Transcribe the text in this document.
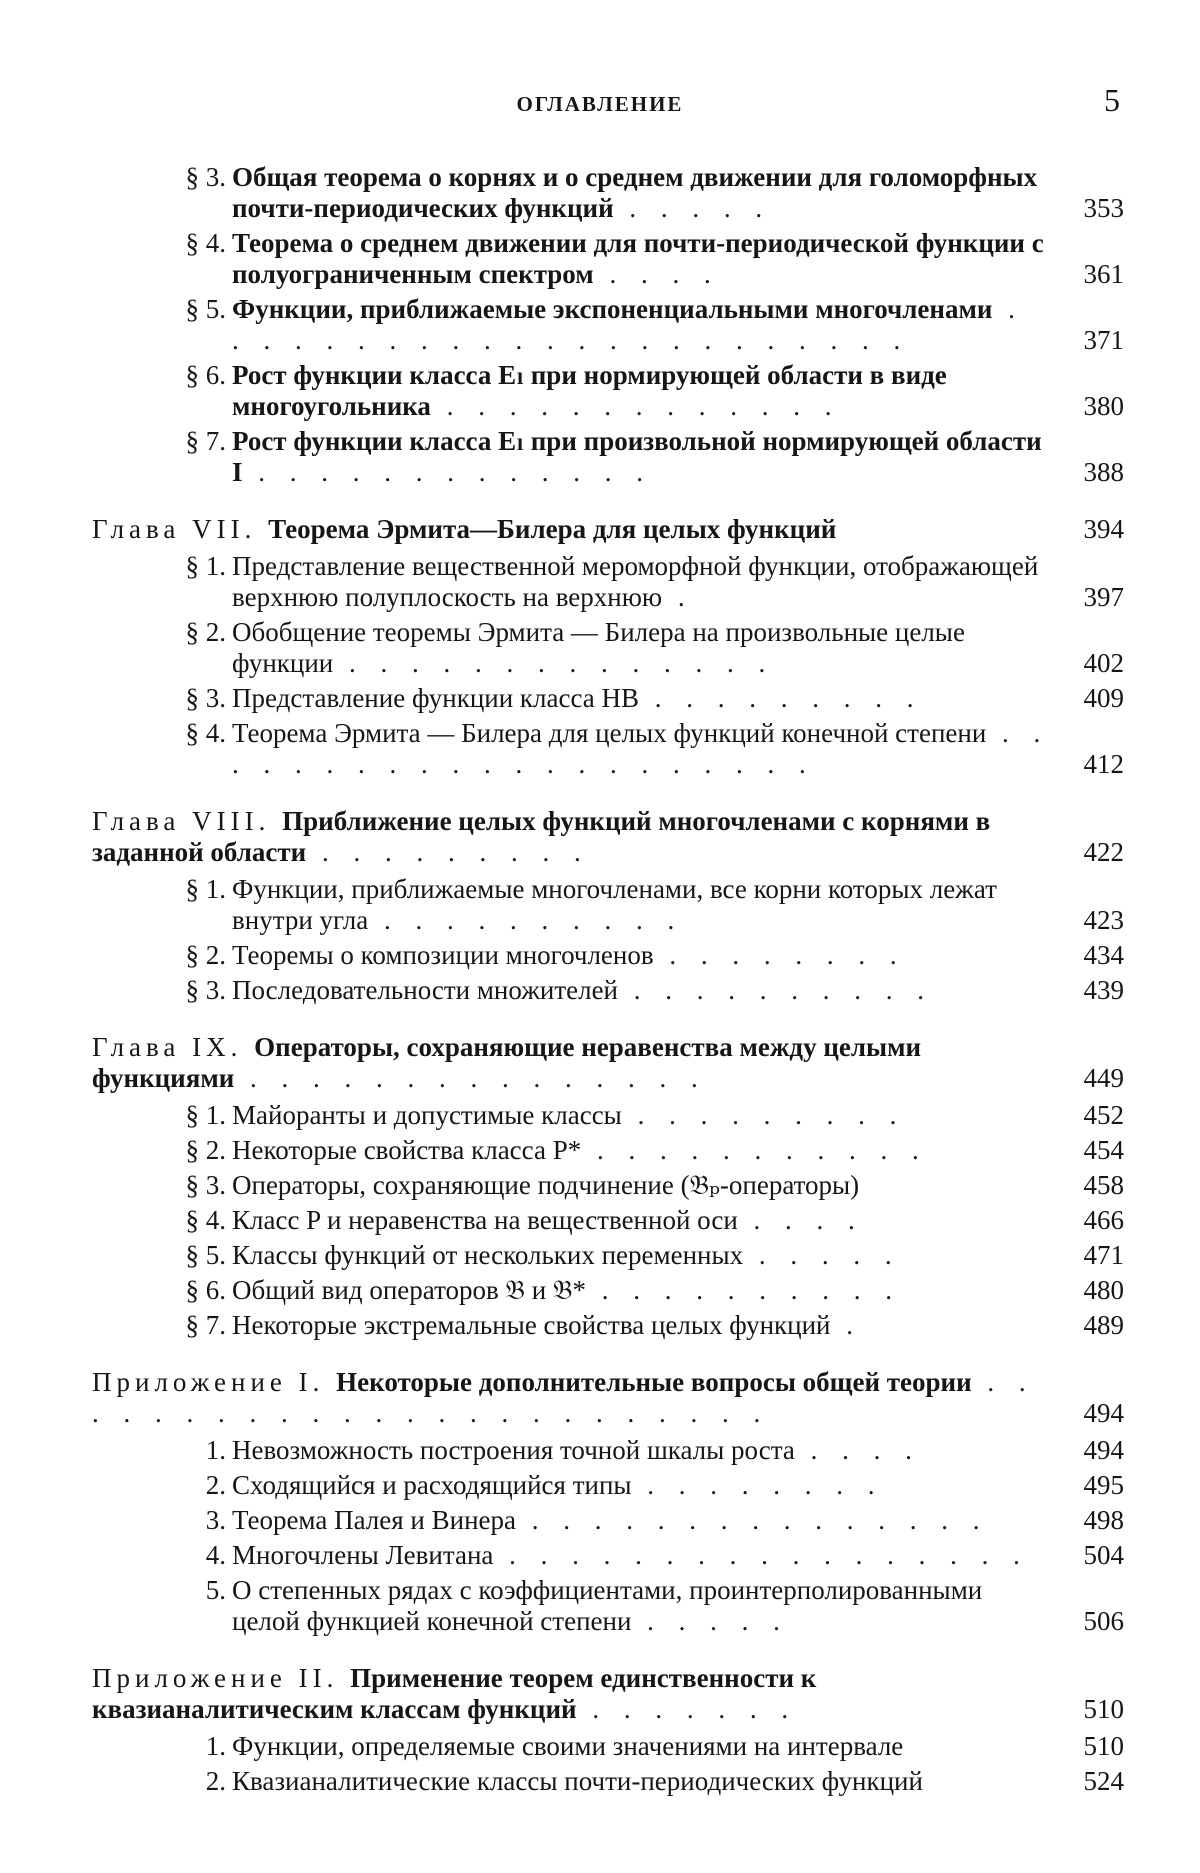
ОГЛАВЛЕНИЕ	5
§ 3. Общая теорема о корнях и о среднем движении для голоморфных почти-периодических функций . . . . .	353
§ 4. Теорема о среднем движении для почти-периодической функции с полуограниченным спектром . . . .	361
§ 5. Функции, приближаемые экспоненциальными многочленами . . . . . . . . . . . . . . . . . . . . . . .	371
§ 6. Рост функции класса Eₗ при нормирующей области в виде многоугольника . . . . . . . . . . . . .	380
§ 7. Рост функции класса Eₗ при произвольной нормирующей области I . . . . . . . . . . . . .	388
Глава VII. Теорема Эрмита—Билера для целых функций	394
§ 1. Представление вещественной мероморфной функции, отображающей верхнюю полуплоскость на верхнюю .	397
§ 2. Обобщение теоремы Эрмита — Билера на произвольные целые функции . . . . . . . . . . . . . .	402
§ 3. Представление функции класса HB . . . . . . . . .	409
§ 4. Теорема Эрмита — Билера для целых функций конечной степени . . . . . . . . . . . . . . . . . . . . .	412
Глава VIII. Приближение целых функций многочленами с корнями в заданной области . . . . . . . . .	422
§ 1. Функции, приближаемые многочленами, все корни которых лежат внутри угла . . . . . . . . . .	423
§ 2. Теоремы о композиции многочленов . . . . . . . .	434
§ 3. Последовательности множителей . . . . . . . . . .	439
Глава IX. Операторы, сохраняющие неравенства между целыми функциями . . . . . . . . . . . . . . .	449
§ 1. Майоранты и допустимые классы . . . . . . . . .	452
§ 2. Некоторые свойства класса P* . . . . . . . . . . .	454
§ 3. Операторы, сохраняющие подчинение (𝔅ₚ-операторы)	458
§ 4. Класс P и неравенства на вещественной оси . . . .	466
§ 5. Классы функций от нескольких переменных . . . . .	471
§ 6. Общий вид операторов 𝔅 и 𝔅* . . . . . . . . . .	480
§ 7. Некоторые экстремальные свойства целых функций .	489
Приложение I. Некоторые дополнительные вопросы общей теории . . . . . . . . . . . . . . . . . . . . . . . .	494
1. Невозможность построения точной шкалы роста . . . .	494
2. Сходящийся и расходящийся типы . . . . . . . .	495
3. Теорема Палея и Винера . . . . . . . . . . . . . . .	498
4. Многочлены Левитана . . . . . . . . . . . . . . . . .	504
5. О степенных рядах с коэффициентами, проинтерполированными целой функцией конечной степени . . . . .	506
Приложение II. Применение теорем единственности к квазианалитическим классам функций . . . . . . .	510
1. Функции, определяемые своими значениями на интервале	510
2. Квазианалитические классы почти-периодических функций	524
